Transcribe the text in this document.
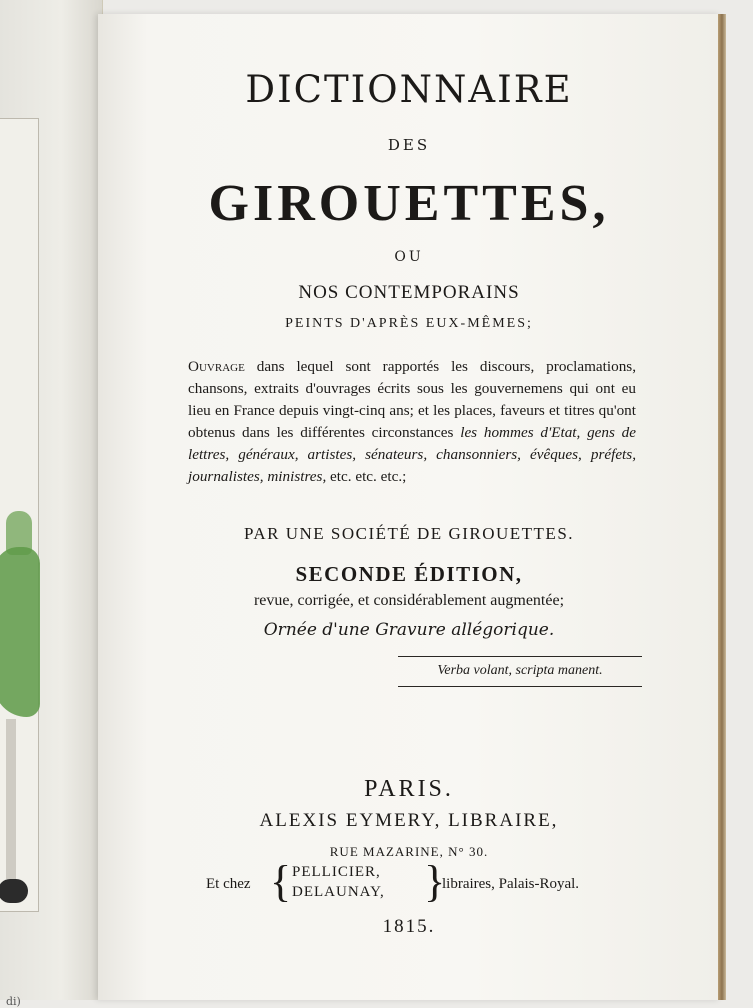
di)
DICTIONNAIRE
DES
GIROUETTES,
OU
NOS CONTEMPORAINS
PEINTS D'APRÈS EUX-MÊMES;
Ouvrage dans lequel sont rapportés les discours, proclamations, chansons, extraits d'ouvrages écrits sous les gouvernemens qui ont eu lieu en France depuis vingt-cinq ans; et les places, faveurs et titres qu'ont obtenus dans les différentes circonstances les hommes d'Etat, gens de lettres, généraux, artistes, sénateurs, chansonniers, évêques, préfets, journalistes, ministres, etc. etc. etc.;
PAR UNE SOCIÉTÉ DE GIROUETTES.
SECONDE ÉDITION,
revue, corrigée, et considérablement augmentée;
Ornée d'une Gravure allégorique.
Verba volant, scripta manent.
PARIS.
ALEXIS EYMERY, LIBRAIRE,
RUE MAZARINE, N° 30.
Et chez { PELLICIER,
DELAUNAY, }
libraires, Palais-Royal.
1815.
